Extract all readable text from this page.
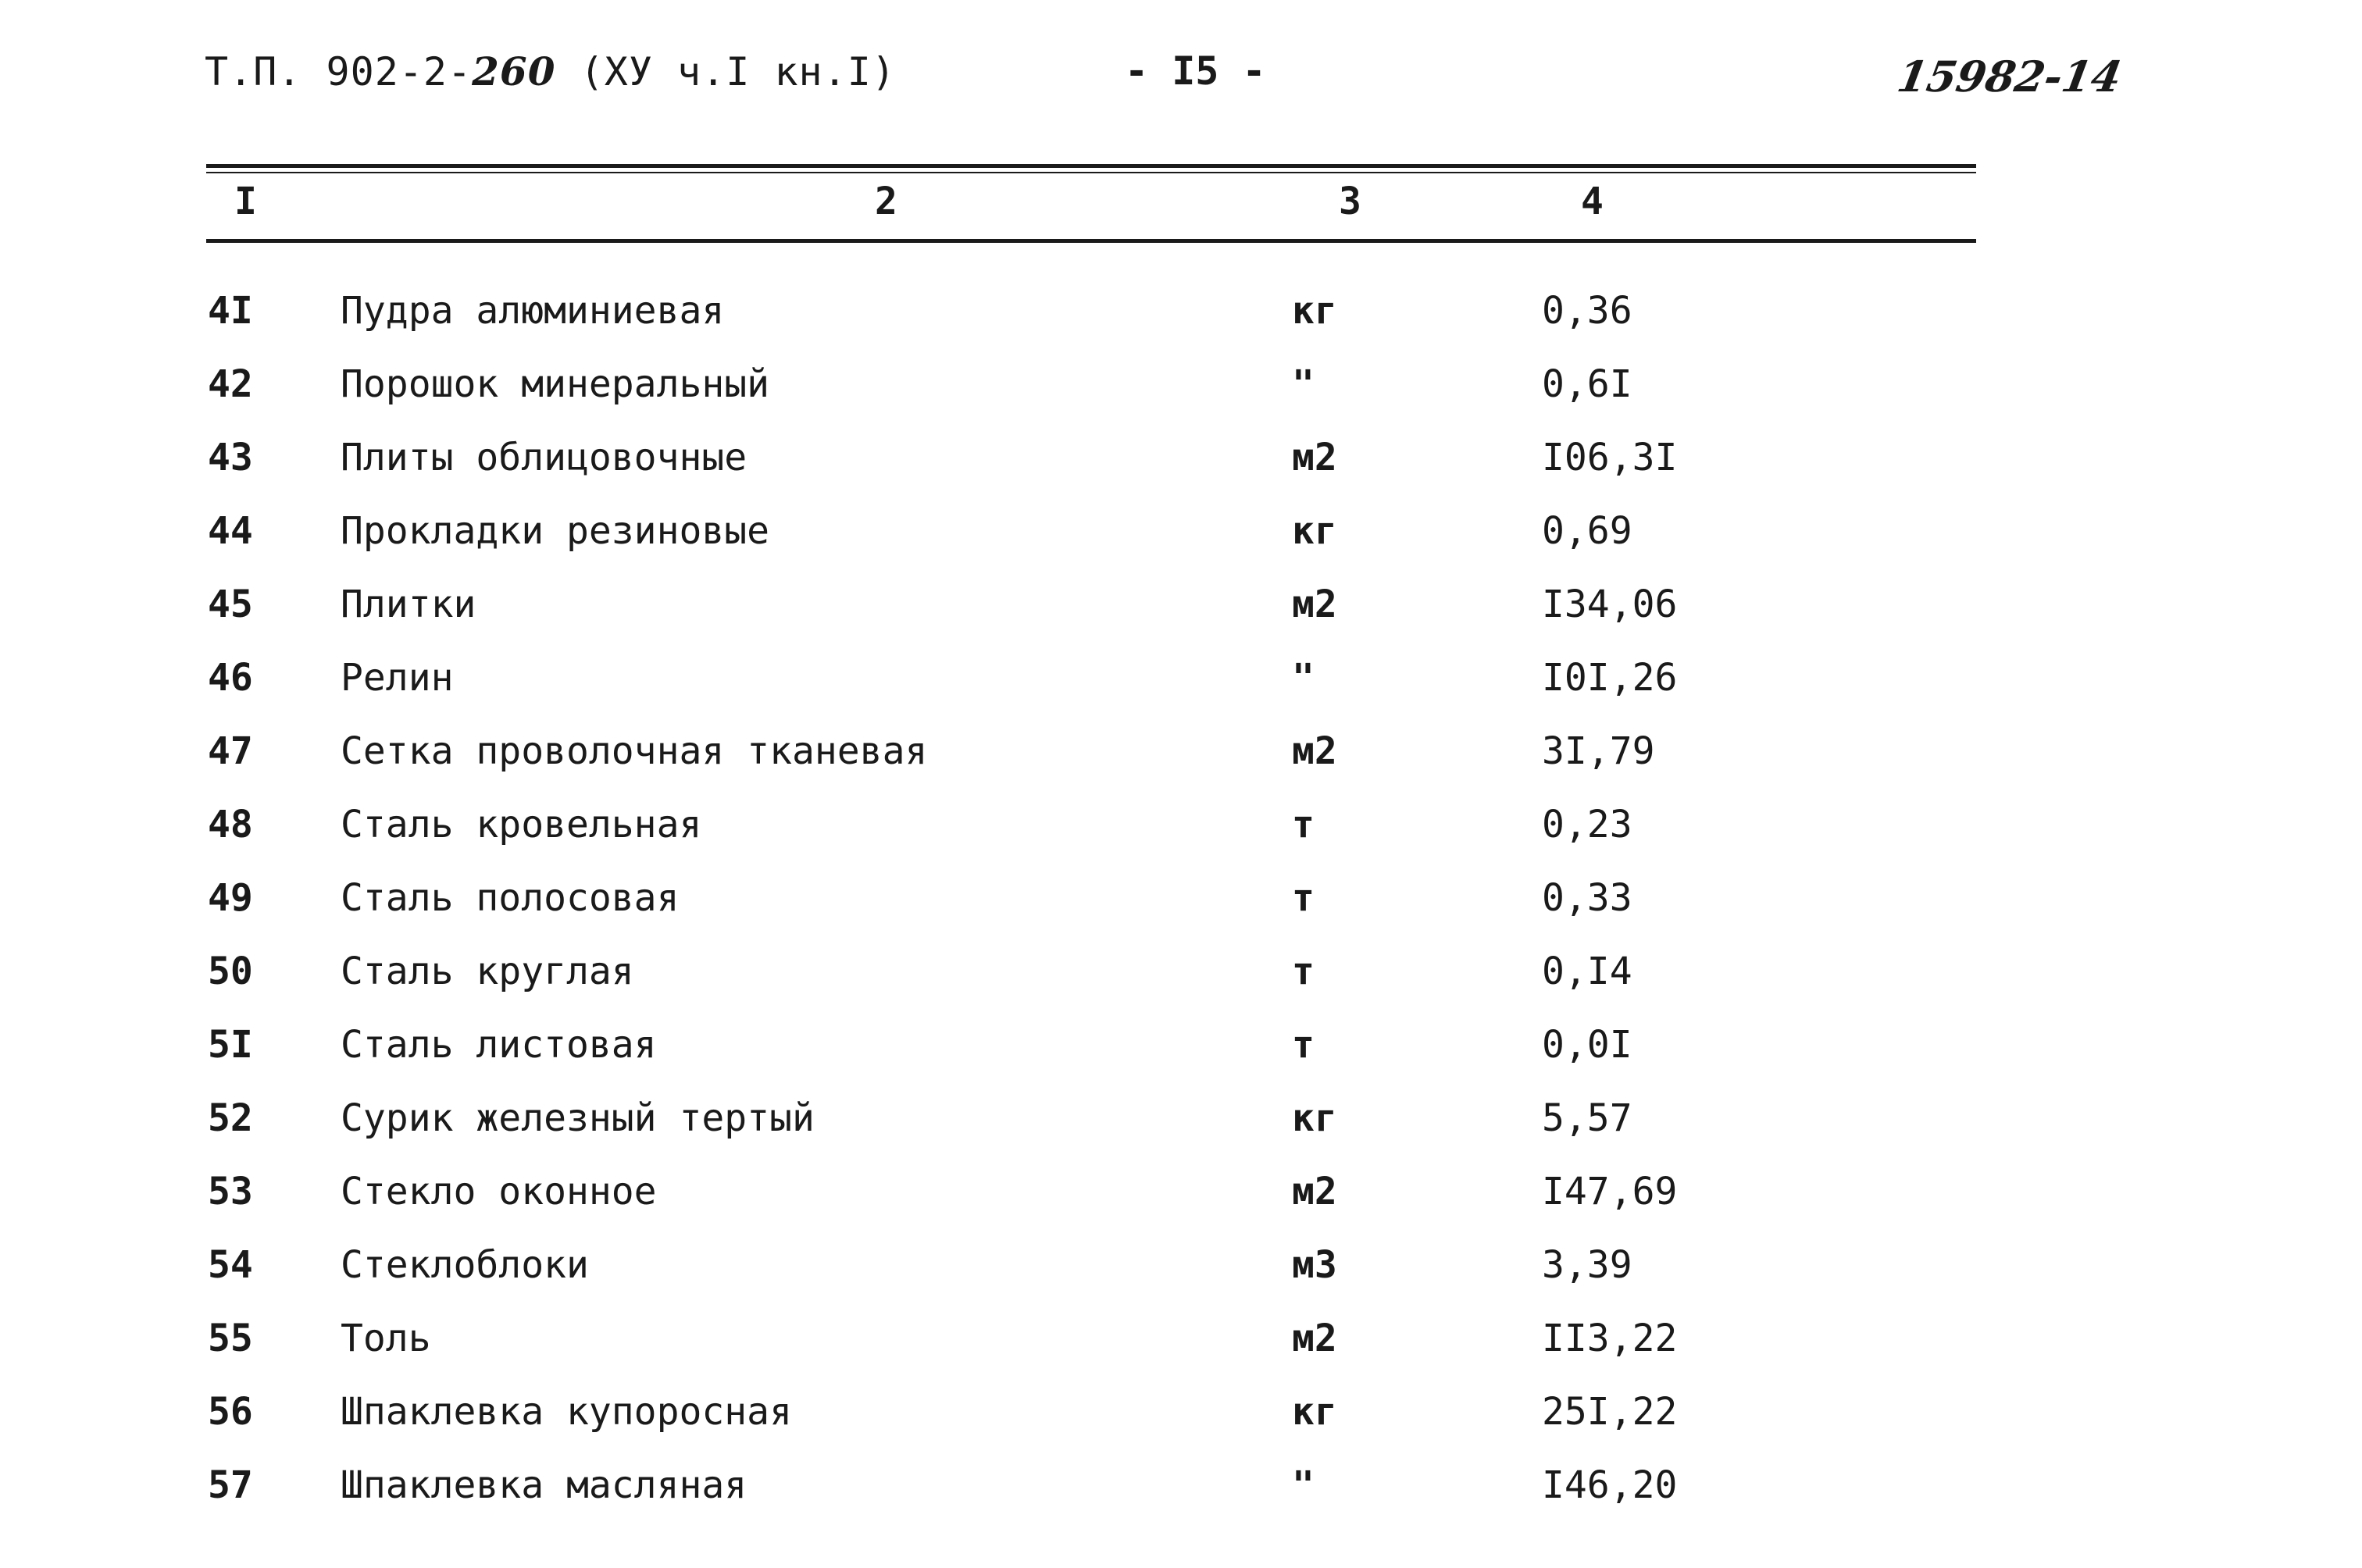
Т.П. 902-2-260 (ХУ ч.I кн.I)	- I5 -	15982-14
I	2	3	4
4I Пудра алюминиевая	кг	0,36
42 Порошок минеральный	"	0,6I
43 Плиты облицовочные	м2	I06,3I
44 Прокладки резиновые	кг	0,69
45 Плитки	м2	I34,06
46 Релин	"	I0I,26
47 Сетка проволочная тканевая	м2	3I,79
48 Сталь кровельная	т	0,23
49 Сталь полосовая	т	0,33
50 Сталь круглая	т	0,I4
5I Сталь листовая	т	0,0I
52 Сурик железный тертый	кг	5,57
53 Стекло оконное	м2	I47,69
54 Стеклоблоки	м3	3,39
55 Толь	м2	II3,22
56 Шпаклевка купоросная	кг	25I,22
57 Шпаклевка масляная	"	I46,20
